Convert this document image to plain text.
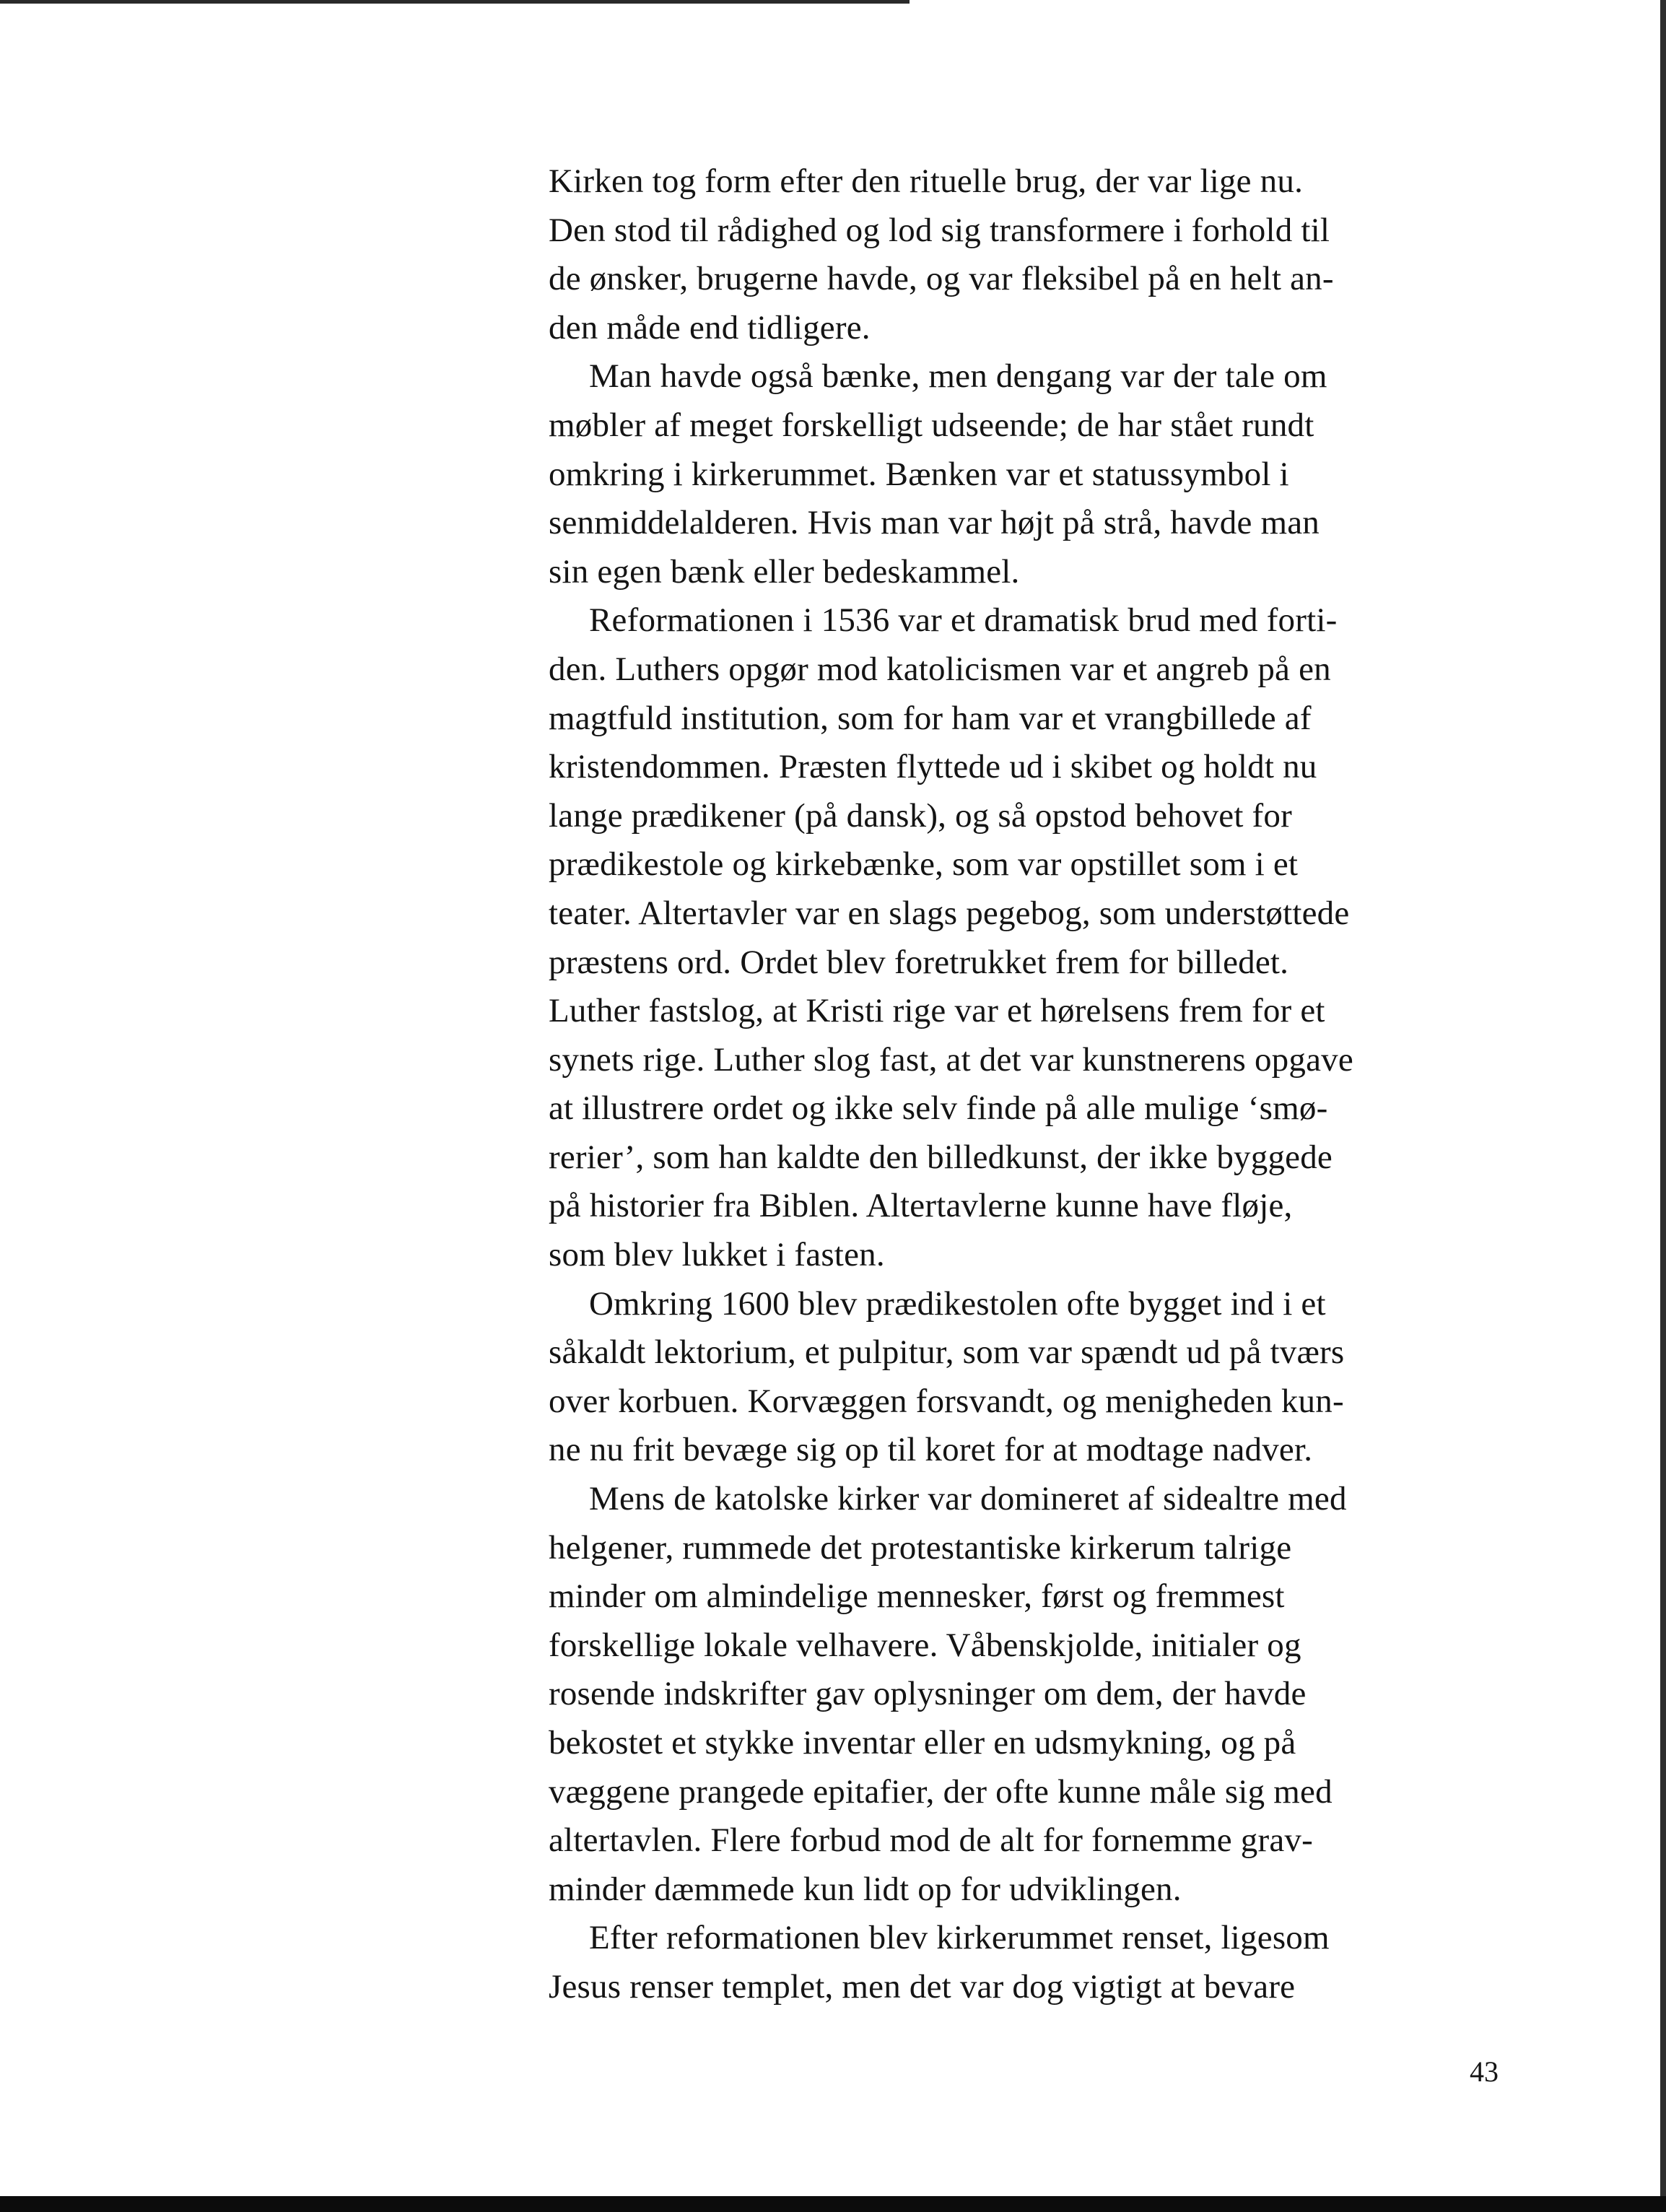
Kirken tog form efter den rituelle brug, der var lige nu.
Den stod til rådighed og lod sig transformere i forhold til
de ønsker, brugerne havde, og var fleksibel på en helt an-
den måde end tidligere.
Man havde også bænke, men dengang var der tale om
møbler af meget forskelligt udseende; de har stået rundt
omkring i kirkerummet. Bænken var et statussymbol i
senmiddelalderen. Hvis man var højt på strå, havde man
sin egen bænk eller bedeskammel.
Reformationen i 1536 var et dramatisk brud med forti-
den. Luthers opgør mod katolicismen var et angreb på en
magtfuld institution, som for ham var et vrangbillede af
kristendommen. Præsten flyttede ud i skibet og holdt nu
lange prædikener (på dansk), og så opstod behovet for
prædikestole og kirkebænke, som var opstillet som i et
teater. Altertavler var en slags pegebog, som understøttede
præstens ord. Ordet blev foretrukket frem for billedet.
Luther fastslog, at Kristi rige var et hørelsens frem for et
synets rige. Luther slog fast, at det var kunstnerens opgave
at illustrere ordet og ikke selv finde på alle mulige ‘smø-
rerier’, som han kaldte den billedkunst, der ikke byggede
på historier fra Biblen. Altertavlerne kunne have fløje,
som blev lukket i fasten.
Omkring 1600 blev prædikestolen ofte bygget ind i et
såkaldt lektorium, et pulpitur, som var spændt ud på tværs
over korbuen. Korvæggen forsvandt, og menigheden kun-
ne nu frit bevæge sig op til koret for at modtage nadver.
Mens de katolske kirker var domineret af sidealtre med
helgener, rummede det protestantiske kirkerum talrige
minder om almindelige mennesker, først og fremmest
forskellige lokale velhavere. Våbenskjolde, initialer og
rosende indskrifter gav oplysninger om dem, der havde
bekostet et stykke inventar eller en udsmykning, og på
væggene prangede epitafier, der ofte kunne måle sig med
altertavlen. Flere forbud mod de alt for fornemme grav-
minder dæmmede kun lidt op for udviklingen.
Efter reformationen blev kirkerummet renset, ligesom
Jesus renser templet, men det var dog vigtigt at bevare
43
